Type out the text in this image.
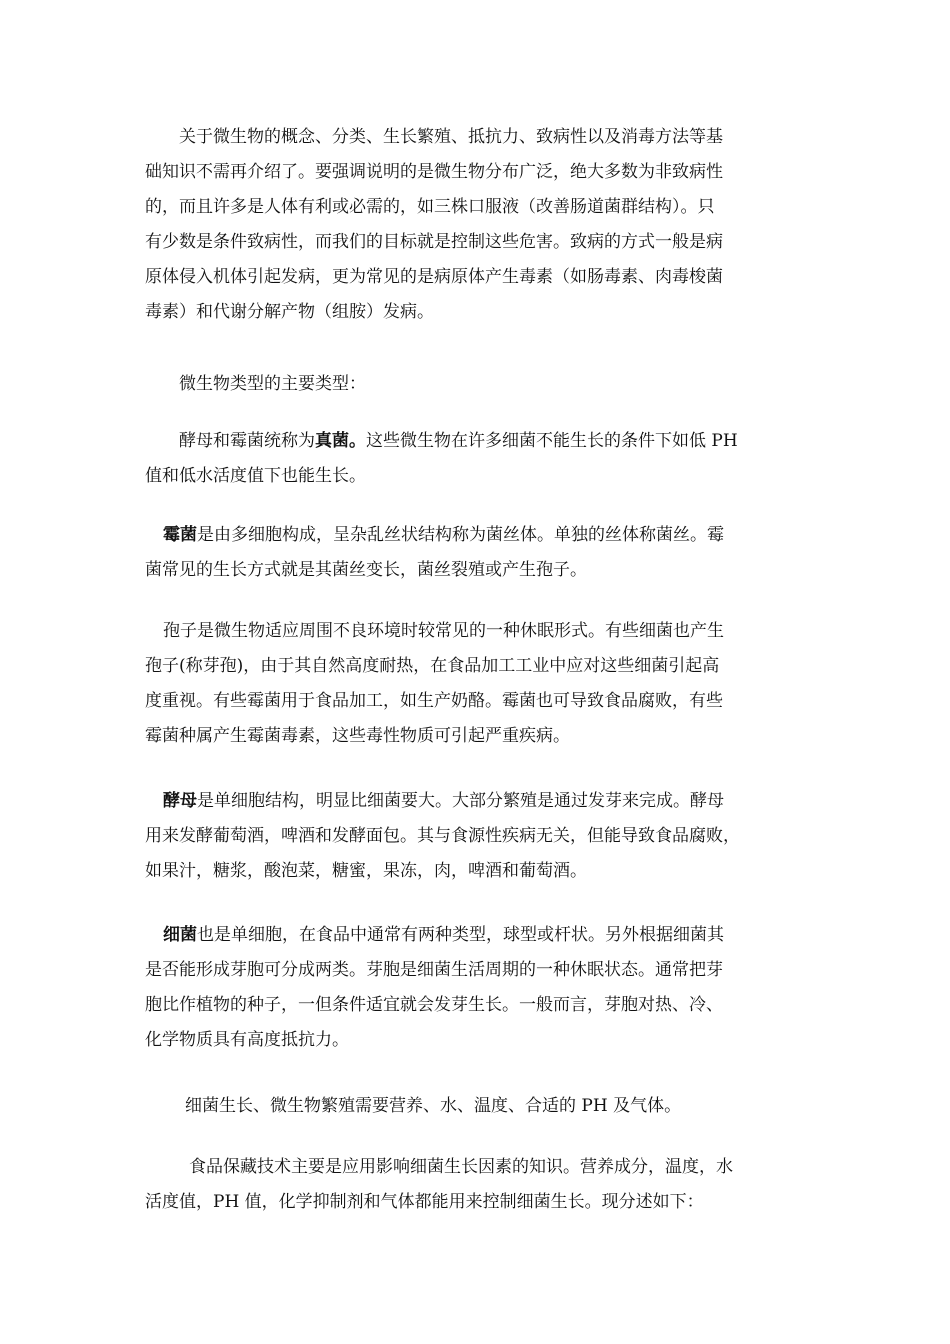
关于微生物的概念、分类、生长繁殖、抵抗力、致病性以及消毒方法等基
础知识不需再介绍了。要强调说明的是微生物分布广泛，绝大多数为非致病性
的，而且许多是人体有利或必需的，如三株口服液（改善肠道菌群结构）。只
有少数是条件致病性，而我们的目标就是控制这些危害。致病的方式一般是病
原体侵入机体引起发病，更为常见的是病原体产生毒素（如肠毒素、肉毒梭菌
毒素）和代谢分解产物（组胺）发病。

微生物类型的主要类型：

酵母和霉菌统称为真菌。这些微生物在许多细菌不能生长的条件下如低 PH
值和低水活度值下也能生长。

霉菌是由多细胞构成，呈杂乱丝状结构称为菌丝体。单独的丝体称菌丝。霉
菌常见的生长方式就是其菌丝变长，菌丝裂殖或产生孢子。

孢子是微生物适应周围不良环境时较常见的一种休眠形式。有些细菌也产生
孢子(称芽孢)，由于其自然高度耐热，在食品加工工业中应对这些细菌引起高
度重视。有些霉菌用于食品加工，如生产奶酪。霉菌也可导致食品腐败，有些
霉菌种属产生霉菌毒素，这些毒性物质可引起严重疾病。

酵母是单细胞结构，明显比细菌要大。大部分繁殖是通过发芽来完成。酵母
用来发酵葡萄酒，啤酒和发酵面包。其与食源性疾病无关，但能导致食品腐败，
如果汁，糖浆，酸泡菜，糖蜜，果冻，肉，啤酒和葡萄酒。

细菌也是单细胞，在食品中通常有两种类型，球型或杆状。另外根据细菌其
是否能形成芽胞可分成两类。芽胞是细菌生活周期的一种休眠状态。通常把芽
胞比作植物的种子，一但条件适宜就会发芽生长。一般而言，芽胞对热、冷、
化学物质具有高度抵抗力。

细菌生长、微生物繁殖需要营养、水、温度、合适的 PH 及气体。

食品保藏技术主要是应用影响细菌生长因素的知识。营养成分，温度，水
活度值，PH 值，化学抑制剂和气体都能用来控制细菌生长。现分述如下：
